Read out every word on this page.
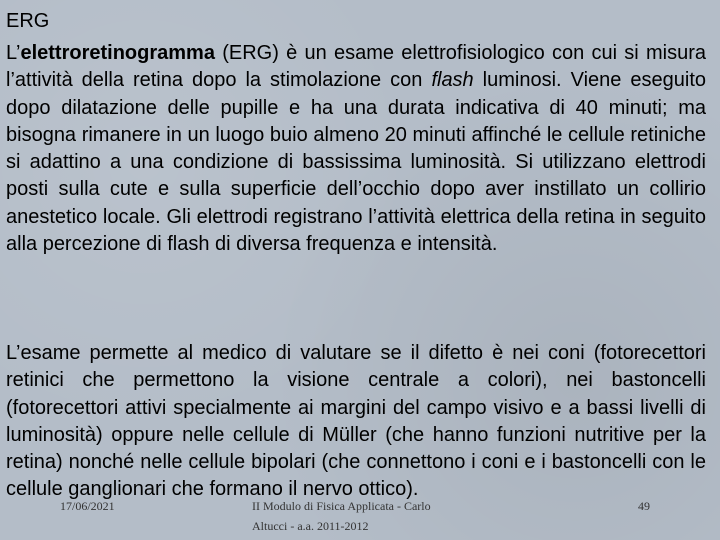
ERG

L’elettroretinogramma (ERG) è un esame elettrofisiologico con cui si misura l’attività della retina dopo la stimolazione con flash luminosi. Viene eseguito dopo dilatazione delle pupille e ha una durata indicativa di 40 minuti; ma bisogna rimanere in un luogo buio almeno 20 minuti affinché le cellule retiniche si adattino a una condizione di bassissima luminosità. Si utilizzano elettrodi posti sulla cute e sulla superficie dell’occhio dopo aver instillato un collirio anestetico locale. Gli elettrodi registrano l’attività elettrica della retina in seguito alla percezione di flash di diversa frequenza e intensità.

L’esame permette al medico di valutare se il difetto è nei coni (fotorecettori retinici che permettono la visione centrale a colori), nei bastoncelli (fotorecettori attivi specialmente ai margini del campo visivo e a bassi livelli di luminosità) oppure nelle cellule di Müller (che hanno funzioni nutritive per la retina) nonché nelle cellule bipolari (che connettono i coni e i bastoncelli con le cellule ganglionari che formano il nervo ottico).

17/06/2021	II Modulo di Fisica Applicata - Carlo
Altucci - a.a. 2011-2012
49
